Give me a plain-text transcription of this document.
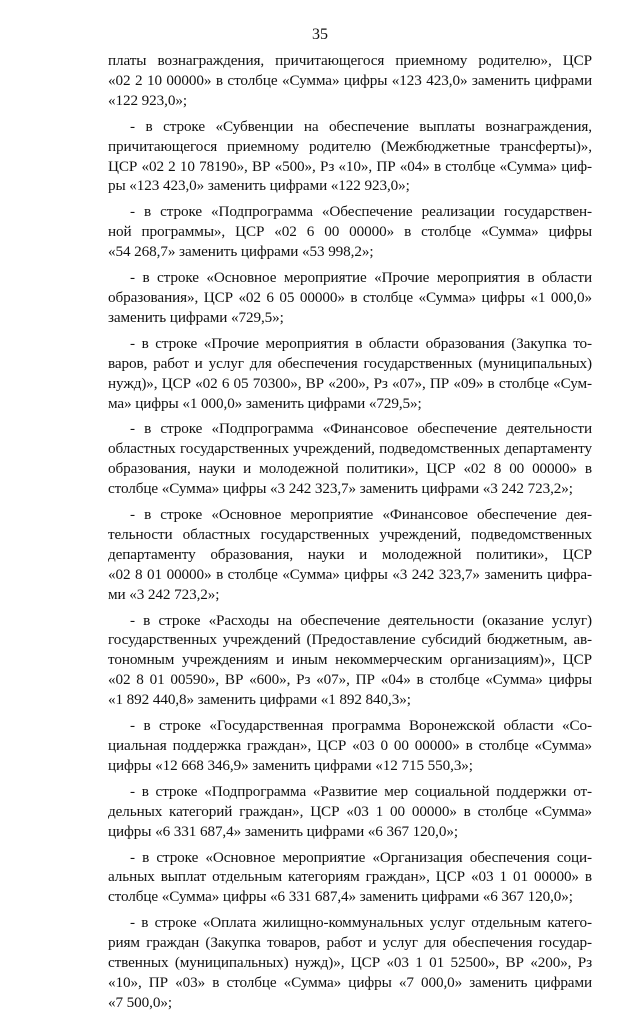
35
платы вознаграждения, причитающегося приемному родителю», ЦСР
«02 2 10 00000» в столбце «Сумма» цифры «123 423,0» заменить цифрами
«122 923,0»;
- в строке «Субвенции на обеспечение выплаты вознаграждения,
причитающегося приемному родителю (Межбюджетные трансферты)»,
ЦСР «02 2 10 78190», ВР «500», Рз «10», ПР «04» в столбце «Сумма» циф-
ры «123 423,0» заменить цифрами «122 923,0»;
- в строке «Подпрограмма «Обеспечение реализации государствен-
ной программы», ЦСР «02 6 00 00000» в столбце «Сумма» цифры
«54 268,7» заменить цифрами «53 998,2»;
- в строке «Основное мероприятие «Прочие мероприятия в области
образования», ЦСР «02 6 05 00000» в столбце «Сумма» цифры «1 000,0»
заменить цифрами «729,5»;
- в строке «Прочие мероприятия в области образования (Закупка то-
варов, работ и услуг для обеспечения государственных (муниципальных)
нужд)», ЦСР «02 6 05 70300», ВР «200», Рз «07», ПР «09» в столбце «Сум-
ма» цифры «1 000,0» заменить цифрами «729,5»;
- в строке «Подпрограмма «Финансовое обеспечение деятельности
областных государственных учреждений, подведомственных департаменту
образования, науки и молодежной политики», ЦСР «02 8 00 00000» в
столбце «Сумма» цифры «3 242 323,7» заменить цифрами «3 242 723,2»;
- в строке «Основное мероприятие «Финансовое обеспечение дея-
тельности областных государственных учреждений, подведомственных
департаменту образования, науки и молодежной политики», ЦСР
«02 8 01 00000» в столбце «Сумма» цифры «3 242 323,7» заменить цифра-
ми «3 242 723,2»;
- в строке «Расходы на обеспечение деятельности (оказание услуг)
государственных учреждений (Предоставление субсидий бюджетным, ав-
тономным учреждениям и иным некоммерческим организациям)», ЦСР
«02 8 01 00590», ВР «600», Рз «07», ПР «04» в столбце «Сумма» цифры
«1 892 440,8» заменить цифрами «1 892 840,3»;
- в строке «Государственная программа Воронежской области «Со-
циальная поддержка граждан», ЦСР «03 0 00 00000» в столбце «Сумма»
цифры «12 668 346,9» заменить цифрами «12 715 550,3»;
- в строке «Подпрограмма «Развитие мер социальной поддержки от-
дельных категорий граждан», ЦСР «03 1 00 00000» в столбце «Сумма»
цифры «6 331 687,4» заменить цифрами «6 367 120,0»;
- в строке «Основное мероприятие «Организация обеспечения соци-
альных выплат отдельным категориям граждан», ЦСР «03 1 01 00000» в
столбце «Сумма» цифры «6 331 687,4» заменить цифрами «6 367 120,0»;
- в строке «Оплата жилищно-коммунальных услуг отдельным катего-
риям граждан (Закупка товаров, работ и услуг для обеспечения государ-
ственных (муниципальных) нужд)», ЦСР «03 1 01 52500», ВР «200», Рз
«10», ПР «03» в столбце «Сумма» цифры «7 000,0» заменить цифрами
«7 500,0»;
